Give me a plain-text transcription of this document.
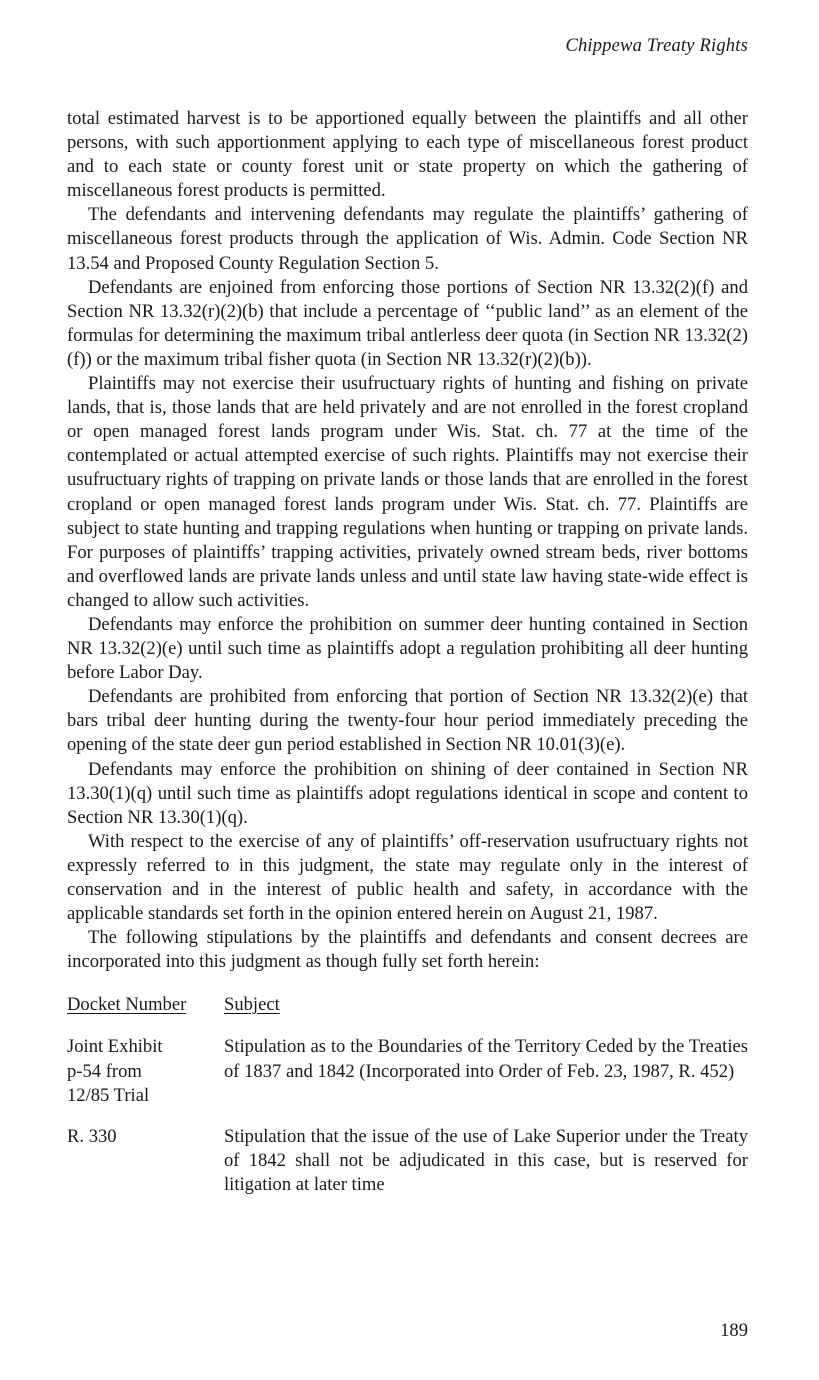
Chippewa Treaty Rights

total estimated harvest is to be apportioned equally between the plaintiffs and all other persons, with such apportionment applying to each type of miscellaneous forest product and to each state or county forest unit or state property on which the gathering of miscellaneous forest products is permitted.

The defendants and intervening defendants may regulate the plaintiffs’ gathering of miscellaneous forest products through the application of Wis. Admin. Code Section NR 13.54 and Proposed County Regulation Section 5.

Defendants are enjoined from enforcing those portions of Section NR 13.32(2)(f) and Section NR 13.32(r)(2)(b) that include a percentage of ‘‘public land’’ as an element of the formulas for determining the maximum tribal antlerless deer quota (in Section NR 13.32(2)(f)) or the maximum tribal fisher quota (in Section NR 13.32(r)(2)(b)).

Plaintiffs may not exercise their usufructuary rights of hunting and fishing on private lands, that is, those lands that are held privately and are not enrolled in the forest cropland or open managed forest lands program under Wis. Stat. ch. 77 at the time of the contemplated or actual attempted exercise of such rights. Plaintiffs may not exercise their usufructuary rights of trapping on private lands or those lands that are enrolled in the forest cropland or open managed forest lands program under Wis. Stat. ch. 77. Plaintiffs are subject to state hunting and trapping regulations when hunting or trapping on private lands. For purposes of plaintiffs’ trapping activities, privately owned stream beds, river bottoms and overflowed lands are private lands unless and until state law having state-wide effect is changed to allow such activities.

Defendants may enforce the prohibition on summer deer hunting contained in Section NR 13.32(2)(e) until such time as plaintiffs adopt a regulation prohibiting all deer hunting before Labor Day.

Defendants are prohibited from enforcing that portion of Section NR 13.32(2)(e) that bars tribal deer hunting during the twenty-four hour period immediately preceding the opening of the state deer gun period established in Section NR 10.01(3)(e).

Defendants may enforce the prohibition on shining of deer contained in Section NR 13.30(1)(q) until such time as plaintiffs adopt regulations identical in scope and content to Section NR 13.30(1)(q).

With respect to the exercise of any of plaintiffs’ off-reservation usufructuary rights not expressly referred to in this judgment, the state may regulate only in the interest of conservation and in the interest of public health and safety, in accordance with the applicable standards set forth in the opinion entered herein on August 21, 1987.

The following stipulations by the plaintiffs and defendants and consent decrees are incorporated into this judgment as though fully set forth herein:

Docket Number	Subject
Joint Exhibit
p-54 from
12/85 Trial
Stipulation as to the Boundaries of the Territory Ceded by the Treaties of 1837 and 1842 (Incorporated into Order of Feb. 23, 1987, R. 452)
R. 330	Stipulation that the issue of the use of Lake Superior under the Treaty of 1842 shall not be adjudicated in this case, but is reserved for litigation at later time
189
